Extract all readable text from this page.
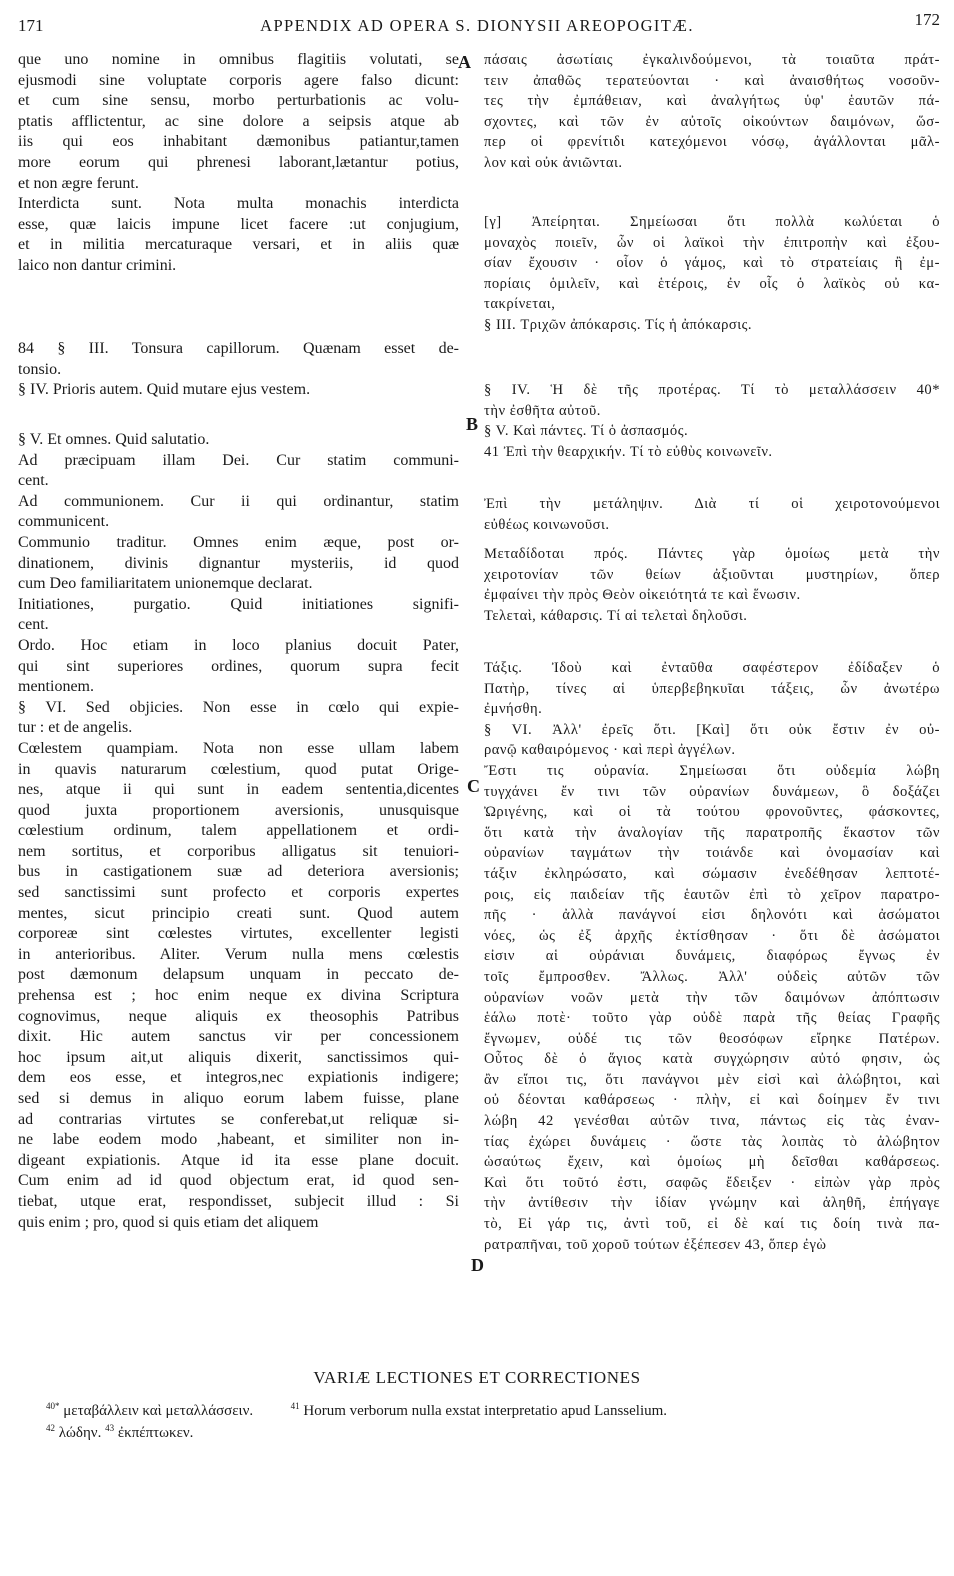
171	APPENDIX AD OPERA S. DIONYSII AREOPOGITÆ.	172
que uno nomine in omnibus flagitiis volutati, se
ejusmodi sine voluptate corporis agere falso dicunt:
et cum sine sensu, morbo perturbationis ac volu-
ptatis afflictentur, ac sine dolore a seipsis atque ab
iis qui eos inhabitant dæmonibus patiantur,tamen
more eorum qui phrenesi laborant,lætantur potius,
et non ægre ferunt.
Interdicta sunt. Nota multa monachis interdicta
esse, quæ laicis impune licet facere :ut conjugium,
et in militia mercaturaque versari, et in aliis quæ
laico non dantur crimini.
84 § III. Tonsura capillorum. Quænam esset de-
tonsio.
§ IV. Prioris autem. Quid mutare ejus vestem.
§ V. Et omnes. Quid salutatio.
Ad præcipuam illam Dei. Cur statim communi-
cent.
Ad communionem. Cur ii qui ordinantur, statim
communicent.
Communio traditur. Omnes enim æque, post or-
dinationem, divinis dignantur mysteriis, id quod
cum Deo familiaritatem unionemque declarat.
Initiationes, purgatio. Quid initiationes signifi-
cent.
Ordo. Hoc etiam in loco planius docuit Pater,
qui sint superiores ordines, quorum supra fecit
mentionem.
§ VI. Sed objicies. Non esse in cœlo qui expie-
tur : et de angelis.
Cœlestem quampiam. Nota non esse ullam labem
in quavis naturarum cœlestium, quod putat Orige-
nes, atque ii qui sunt in eadem sententia,dicentes
quod juxta proportionem aversionis, unusquisque
cœlestium ordinum, talem appellationem et ordi-
nem sortitus, et corporibus alligatus sit tenuiori-
bus in castigationem suæ ad deteriora aversionis;
sed sanctissimi sunt profecto et corporis expertes
mentes, sicut principio creati sunt. Quod autem
corporeæ sint cœlestes virtutes, excellenter legisti
in anterioribus. Aliter. Verum nulla mens cœlestis
post dæmonum delapsum unquam in peccato de-
prehensa est ; hoc enim neque ex divina Scriptura
cognovimus, neque aliquis ex theosophis Patribus
dixit. Hic autem sanctus vir per concessionem
hoc ipsum ait,ut aliquis dixerit, sanctissimos qui-
dem eos esse, et integros,nec expiationis indigere;
sed si demus in aliquo eorum labem fuisse, plane
ad contrarias virtutes se conferebat,ut reliquæ si-
ne labe eodem modo ,habeant, et similiter non in-
digeant expiationis. Atque id ita esse plane docuit.
Cum enim ad id quod objectum erat, id quod sen-
tiebat, utque erat, respondisset, subjecit illud : Si
quis enim ; pro, quod si quis etiam det aliquem
πάσαις ἀσωτίαις ἐγκαλινδούμενοι, τὰ τοιαῦτα πράτ-
τειν ἀπαθῶς τερατεύονται · καὶ ἀναισθήτως νοσοῦν-
τες τὴν ἐμπάθειαν, καὶ ἀναλγήτως ὑφ' ἑαυτῶν πά-
σχοντες, καὶ τῶν ἐν αὐτοῖς οἰκούντων δαιμόνων, ὥσ-
περ οἱ φρενίτιδι κατεχόμενοι νόσῳ, ἀγάλλονται μᾶλ-
λον καὶ οὐκ ἀνιῶνται.
[γ] Ἀπείρηται. Σημείωσαι ὅτι πολλὰ κωλύεται ὁ
μοναχὸς ποιεῖν, ὧν οἱ λαϊκοὶ τὴν ἐπιτροπὴν καὶ ἐξου-
σίαν ἔχουσιν · οἷον ὁ γάμος, καὶ τὸ στρατείαις ἢ ἐμ-
πορίαις ὁμιλεῖν, καὶ ἑτέροις, ἐν οἷς ὁ λαϊκὸς οὐ κα-
τακρίνεται,
§ III. Τριχῶν ἀπόκαρσις. Τίς ἡ ἀπόκαρσις.
§ IV. Ἡ δὲ τῆς προτέρας. Τί τὸ μεταλλάσσειν 40*
τὴν ἐσθῆτα αὐτοῦ.
§ V. Καὶ πάντες. Τί ὁ ἀσπασμός.
41 Ἐπὶ τὴν θεαρχικήν. Τί τὸ εὐθὺς κοινωνεῖν.
Ἐπὶ τὴν μετάληψιν. Διὰ τί οἱ χειροτονούμενοι
εὐθέως κοινωνοῦσι.
Μεταδίδοται πρός. Πάντες γὰρ ὁμοίως μετὰ τὴν
χειροτονίαν τῶν θείων ἀξιοῦνται μυστηρίων, ὅπερ
ἐμφαίνει τὴν πρὸς Θεὸν οἰκειότητά τε καὶ ἕνωσιν.
Τελεταὶ, κάθαρσις. Τί αἱ τελεταὶ δηλοῦσι.
Τάξις. Ἰδοὺ καὶ ἐνταῦθα σαφέστερον ἐδίδαξεν ὁ
Πατὴρ, τίνες αἱ ὑπερβεβηκυῖαι τάξεις, ὧν ἀνωτέρω
ἐμνήσθη.
§ VI. Ἀλλ' ἐρεῖς ὅτι. [Καὶ] ὅτι οὐκ ἔστιν ἐν οὐ-
ρανῷ καθαιρόμενος · καὶ περὶ ἀγγέλων.
Ἔστι τις οὐρανία. Σημείωσαι ὅτι οὐδεμία λώβη
τυγχάνει ἔν τινι τῶν οὐρανίων δυνάμεων, ὃ δοξάζει
Ὠριγένης, καὶ οἱ τὰ τούτου φρονοῦντες, φάσκοντες,
ὅτι κατὰ τὴν ἀναλογίαν τῆς παρατροπῆς ἕκαστον τῶν
οὐρανίων ταγμάτων τὴν τοιάνδε καὶ ὀνομασίαν καὶ
τάξιν ἐκληρώσατο, καὶ σώμασιν ἐνεδέθησαν λεπτοτέ-
ροις, εἰς παιδείαν τῆς ἑαυτῶν ἐπὶ τὸ χεῖρον παρατρο-
πῆς · ἀλλὰ πανάγνοί εἰσι δηλονότι καὶ ἀσώματοι
νόες, ὡς ἐξ ἀρχῆς ἐκτίσθησαν · ὅτι δὲ ἀσώματοι
εἰσιν αἱ οὐράνιαι δυνάμεις, διαφόρως ἔγνως ἐν
τοῖς ἔμπροσθεν. Ἄλλως. Ἀλλ' οὐδεὶς αὐτῶν τῶν
οὐρανίων νοῶν μετὰ τὴν τῶν δαιμόνων ἀπόπτωσιν
ἑάλω ποτὲ· τοῦτο γὰρ οὐδὲ παρὰ τῆς θείας Γραφῆς
ἔγνωμεν, οὐδέ τις τῶν θεοσόφων εἴρηκε Πατέρων.
Οὗτος δὲ ὁ ἅγιος κατὰ συγχώρησιν αὐτό φησιν, ὡς
ἂν εἴποι τις, ὅτι πανάγνοι μὲν εἰσὶ καὶ ἀλώβητοι, καὶ
οὐ δέονται καθάρσεως · πλὴν, εἰ καὶ δοίημεν ἔν τινι
λώβη 42 γενέσθαι αὐτῶν τινα, πάντως εἰς τὰς ἐναν-
τίας ἐχώρει δυνάμεις · ὥστε τὰς λοιπὰς τὸ ἀλώβητον
ὡσαύτως ἔχειν, καὶ ὁμοίως μὴ δεῖσθαι καθάρσεως.
Καὶ ὅτι τοῦτό ἐστι, σαφῶς ἔδειξεν · εἰπὼν γὰρ πρὸς
τὴν ἀντίθεσιν τὴν ἰδίαν γνώμην καὶ ἀληθῆ, ἐπήγαγε
τὸ, Εἰ γάρ τις, ἀντὶ τοῦ, εἰ δὲ καί τις δοίη τινὰ πα-
ρατραπῆναι, τοῦ χοροῦ τούτων ἐξέπεσεν 43, ὅπερ ἐγὼ
A
B
C
D
VARIÆ LECTIONES ET CORRECTIONES
$^{40*}$ μεταβάλλειν καὶ μεταλλάσσειν.	$^{41}$ Horum verborum nulla exstat interpretatio apud Lansselium.
$^{42}$ λώδην. $^{43}$ ἐκπέπτωκεν.
